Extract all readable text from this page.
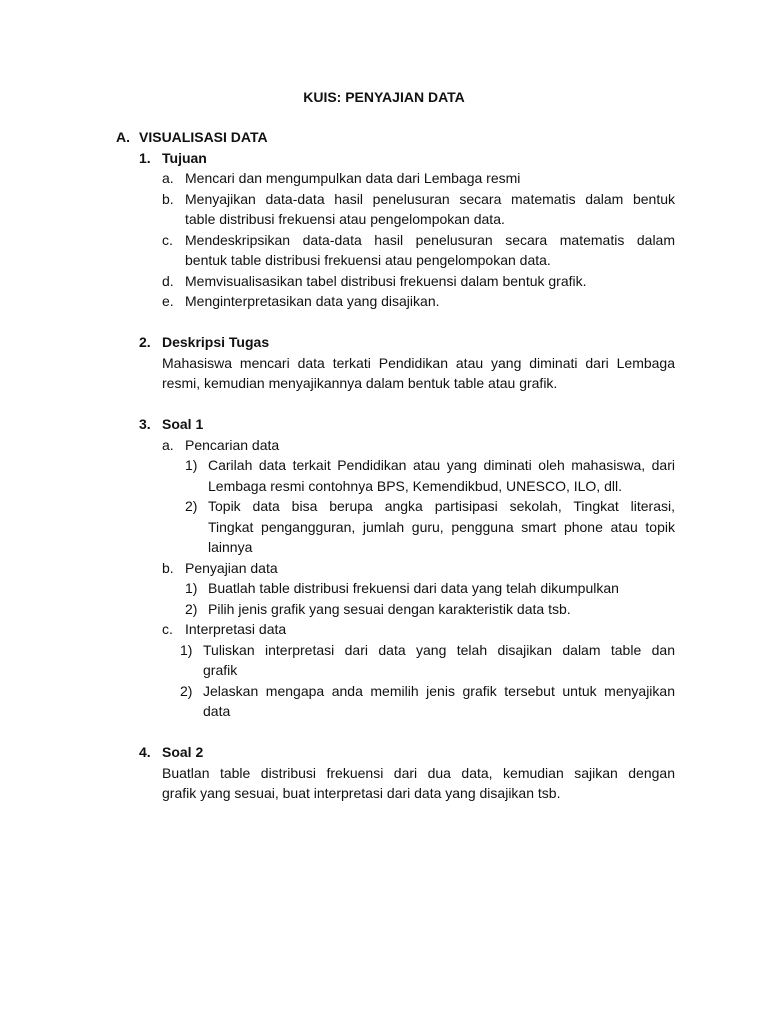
KUIS: PENYAJIAN DATA
A. VISUALISASI DATA
1. Tujuan
a. Mencari dan mengumpulkan data dari Lembaga resmi
b. Menyajikan data-data hasil penelusuran secara matematis dalam bentuk
table distribusi frekuensi atau pengelompokan data.
c. Mendeskripsikan data-data hasil penelusuran secara matematis dalam
bentuk table distribusi frekuensi atau pengelompokan data.
d. Memvisualisasikan tabel distribusi frekuensi dalam bentuk grafik.
e. Menginterpretasikan data yang disajikan.
2. Deskripsi Tugas
Mahasiswa mencari data terkati Pendidikan atau yang diminati dari Lembaga
resmi, kemudian menyajikannya dalam bentuk table atau grafik.
3. Soal 1
a. Pencarian data
1) Carilah data terkait Pendidikan atau yang diminati oleh mahasiswa, dari
Lembaga resmi contohnya BPS, Kemendikbud, UNESCO, ILO, dll.
2) Topik data bisa berupa angka partisipasi sekolah, Tingkat literasi,
Tingkat pengangguran, jumlah guru, pengguna smart phone atau topik
lainnya
b. Penyajian data
1) Buatlah table distribusi frekuensi dari data yang telah dikumpulkan
2) Pilih jenis grafik yang sesuai dengan karakteristik data tsb.
c. Interpretasi data
1) Tuliskan interpretasi dari data yang telah disajikan dalam table dan
grafik
2) Jelaskan mengapa anda memilih jenis grafik tersebut untuk menyajikan
data
4. Soal 2
Buatlan table distribusi frekuensi dari dua data, kemudian sajikan dengan
grafik yang sesuai, buat interpretasi dari data yang disajikan tsb.
